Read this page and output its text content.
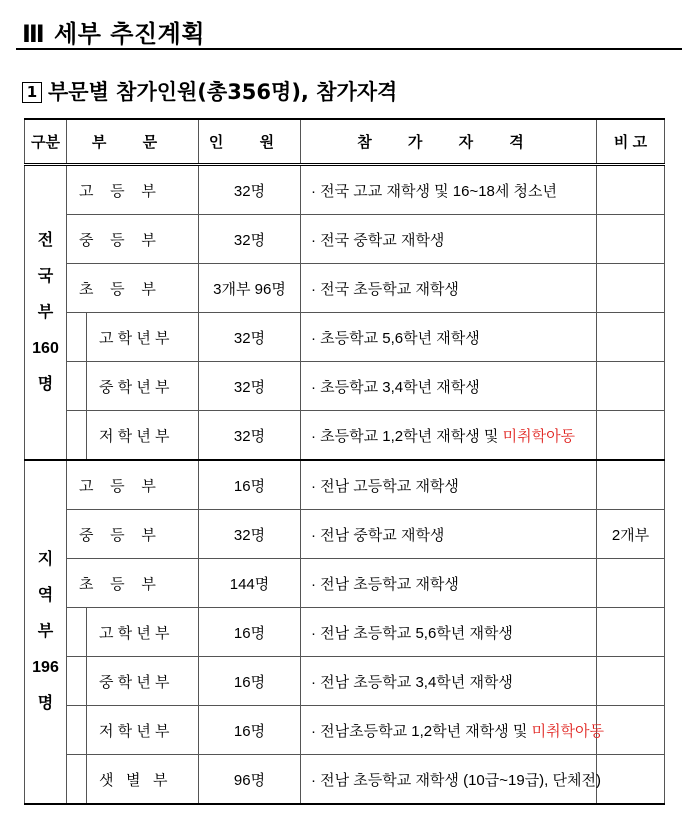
Ⅲ 세부 추진계획
1 부문별 참가인원(총356명), 참가자격
구분	부 문		인 원	참 가 자 격	비 고

전
국
부
160
명	고    등    부		32명	· 전국 고교 재학생 및 16~18세 청소년	
	중    등    부		32명	· 전국 중학교 재학생	
	초    등    부		3개부 96명	· 전국 초등학교 재학생	
		고 학 년 부	32명	· 초등학교 5,6학년 재학생	
		중 학 년 부	32명	· 초등학교 3,4학년 재학생	
		저 학 년 부	32명	· 초등학교 1,2학년 재학생 및 미취학아동	

지
역
부
196
명	고    등    부		16명	· 전남 고등학교 재학생	
	중    등    부		32명	· 전남 중학교 재학생	2개부
	초    등    부		144명	· 전남 초등학교 재학생	
		고 학 년 부	16명	· 전남 초등학교 5,6학년 재학생	
		중 학 년 부	16명	· 전남 초등학교 3,4학년 재학생	
		저 학 년 부	16명	· 전남초등학교 1,2학년 재학생 및 미취학아동	
		샛   별   부	96명	· 전남 초등학교 재학생 (10급~19급), 단체전)	
